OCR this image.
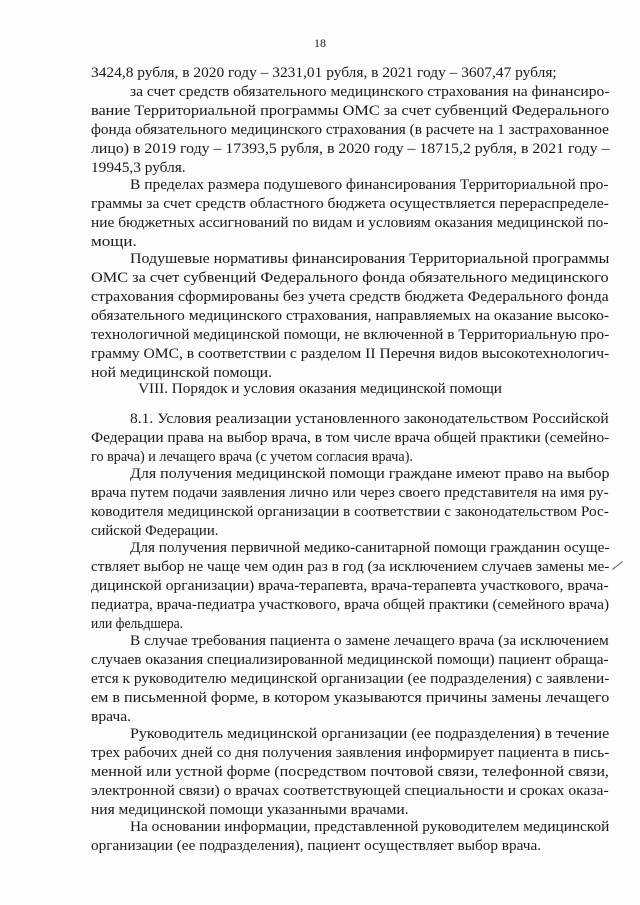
18
3424,8 рубля, в 2020 году – 3231,01 рубля, в 2021 году – 3607,47 рубля;
за счет средств обязательного медицинского страхования на финансиро-
вание Территориальной программы ОМС за счет субвенций Федерального
фонда обязательного медицинского страхования (в расчете на 1 застрахованное
лицо) в 2019 году – 17393,5 рубля, в 2020 году – 18715,2 рубля, в 2021 году –
19945,3 рубля.
В пределах размера подушевого финансирования Территориальной про-
граммы за счет средств областного бюджета осуществляется перераспределе-
ние бюджетных ассигнований по видам и условиям оказания медицинской по-
мощи.
Подушевые нормативы финансирования Территориальной программы
ОМС за счет субвенций Федерального фонда обязательного медицинского
страхования сформированы без учета средств бюджета Федерального фонда
обязательного медицинского страхования, направляемых на оказание высоко-
технологичной медицинской помощи, не включенной в Территориальную про-
грамму ОМС, в соответствии с разделом II Перечня видов высокотехнологич-
ной медицинской помощи.
VIII. Порядок и условия оказания медицинской помощи
8.1. Условия реализации установленного законодательством Российской
Федерации права на выбор врача, в том числе врача общей практики (семейно-
го врача) и лечащего врача (с учетом согласия врача).
Для получения медицинской помощи граждане имеют право на выбор
врача путем подачи заявления лично или через своего представителя на имя ру-
ководителя медицинской организации в соответствии с законодательством Рос-
сийской Федерации.
Для получения первичной медико-санитарной помощи гражданин осуще-
ствляет выбор не чаще чем один раз в год (за исключением случаев замены ме-
дицинской организации) врача-терапевта, врача-терапевта участкового, врача-
педиатра, врача-педиатра участкового, врача общей практики (семейного врача)
или фельдшера.
В случае требования пациента о замене лечащего врача (за исключением
случаев оказания специализированной медицинской помощи) пациент обраща-
ется к руководителю медицинской организации (ее подразделения) с заявлени-
ем в письменной форме, в котором указываются причины замены лечащего
врача.
Руководитель медицинской организации (ее подразделения) в течение
трех рабочих дней со дня получения заявления информирует пациента в пись-
менной или устной форме (посредством почтовой связи, телефонной связи,
электронной связи) о врачах соответствующей специальности и сроках оказа-
ния медицинской помощи указанными врачами.
На основании информации, представленной руководителем медицинской
организации (ее подразделения), пациент осуществляет выбор врача.
